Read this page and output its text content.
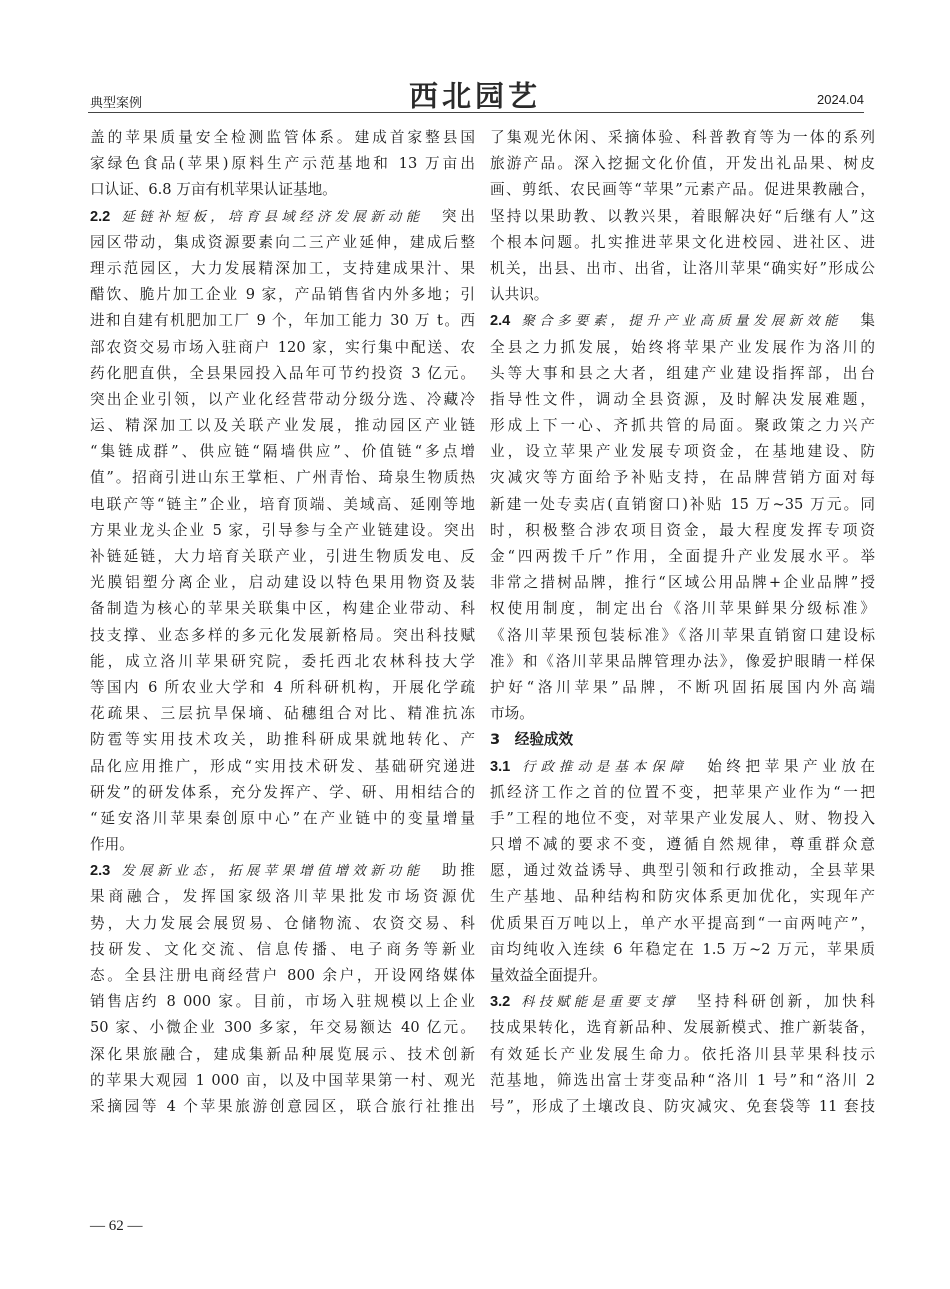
典型案例	西北园艺	2024.04
盖的苹果质量安全检测监管体系。建成首家整县国
家绿色食品(苹果)原料生产示范基地和 13 万亩出
口认证、6.8 万亩有机苹果认证基地。
2.2  延链补短板，培育县域经济发展新动能  突出
园区带动，集成资源要素向二三产业延伸，建成后整
理示范园区，大力发展精深加工，支持建成果汁、果
醋饮、脆片加工企业 9 家，产品销售省内外多地；引
进和自建有机肥加工厂 9 个，年加工能力 30 万 t。西
部农资交易市场入驻商户 120 家，实行集中配送、农
药化肥直供，全县果园投入品年可节约投资 3 亿元。
突出企业引领，以产业化经营带动分级分选、冷藏冷
运、精深加工以及关联产业发展，推动园区产业链
“集链成群”、供应链“隔墙供应”、价值链“多点增
值”。招商引进山东王掌柜、广州青怡、琦泉生物质热
电联产等“链主”企业，培育顶端、美域高、延刚等地
方果业龙头企业 5 家，引导参与全产业链建设。突出
补链延链，大力培育关联产业，引进生物质发电、反
光膜铝塑分离企业，启动建设以特色果用物资及装
备制造为核心的苹果关联集中区，构建企业带动、科
技支撑、业态多样的多元化发展新格局。突出科技赋
能，成立洛川苹果研究院，委托西北农林科技大学
等国内 6 所农业大学和 4 所科研机构，开展化学疏
花疏果、三层抗旱保墒、砧穗组合对比、精准抗冻
防雹等实用技术攻关，助推科研成果就地转化、产
品化应用推广，形成“实用技术研发、基础研究递进
研发”的研发体系，充分发挥产、学、研、用相结合的
“延安洛川苹果秦创原中心”在产业链中的变量增量
作用。
2.3  发展新业态，拓展苹果增值增效新功能  助推
果商融合，发挥国家级洛川苹果批发市场资源优
势，大力发展会展贸易、仓储物流、农资交易、科
技研发、文化交流、信息传播、电子商务等新业
态。全县注册电商经营户 800 余户，开设网络媒体
销售店约 8 000 家。目前，市场入驻规模以上企业
50 家、小微企业 300 多家，年交易额达 40 亿元。
深化果旅融合，建成集新品种展览展示、技术创新
的苹果大观园 1 000 亩，以及中国苹果第一村、观光
采摘园等 4 个苹果旅游创意园区，联合旅行社推出
了集观光休闲、采摘体验、科普教育等为一体的系列
旅游产品。深入挖掘文化价值，开发出礼品果、树皮
画、剪纸、农民画等“苹果”元素产品。促进果教融合，
坚持以果助教、以教兴果，着眼解决好“后继有人”这
个根本问题。扎实推进苹果文化进校园、进社区、进
机关，出县、出市、出省，让洛川苹果“确实好”形成公
认共识。
2.4  聚合多要素，提升产业高质量发展新效能  集
全县之力抓发展，始终将苹果产业发展作为洛川的
头等大事和县之大者，组建产业建设指挥部，出台
指导性文件，调动全县资源，及时解决发展难题，
形成上下一心、齐抓共管的局面。聚政策之力兴产
业，设立苹果产业发展专项资金，在基地建设、防
灾减灾等方面给予补贴支持，在品牌营销方面对每
新建一处专卖店(直销窗口)补贴 15 万~35 万元。同
时，积极整合涉农项目资金，最大程度发挥专项资
金“四两拨千斤”作用，全面提升产业发展水平。举
非常之措树品牌，推行“区域公用品牌+企业品牌”授
权使用制度，制定出台《洛川苹果鲜果分级标准》
《洛川苹果预包装标准》《洛川苹果直销窗口建设标
准》和《洛川苹果品牌管理办法》，像爱护眼睛一样保
护好“洛川苹果”品牌，不断巩固拓展国内外高端
市场。
3　经验成效
3.1  行政推动是基本保障  始终把苹果产业放在
抓经济工作之首的位置不变，把苹果产业作为“一把
手”工程的地位不变，对苹果产业发展人、财、物投入
只增不减的要求不变，遵循自然规律，尊重群众意
愿，通过效益诱导、典型引领和行政推动，全县苹果
生产基地、品种结构和防灾体系更加优化，实现年产
优质果百万吨以上，单产水平提高到“一亩两吨产”，
亩均纯收入连续 6 年稳定在 1.5 万~2 万元，苹果质
量效益全面提升。
3.2  科技赋能是重要支撑  坚持科研创新，加快科
技成果转化，选育新品种、发展新模式、推广新装备，
有效延长产业发展生命力。依托洛川县苹果科技示
范基地，筛选出富士芽变品种“洛川 1 号”和“洛川 2
号”，形成了土壤改良、防灾减灾、免套袋等 11 套技
— 62 —
